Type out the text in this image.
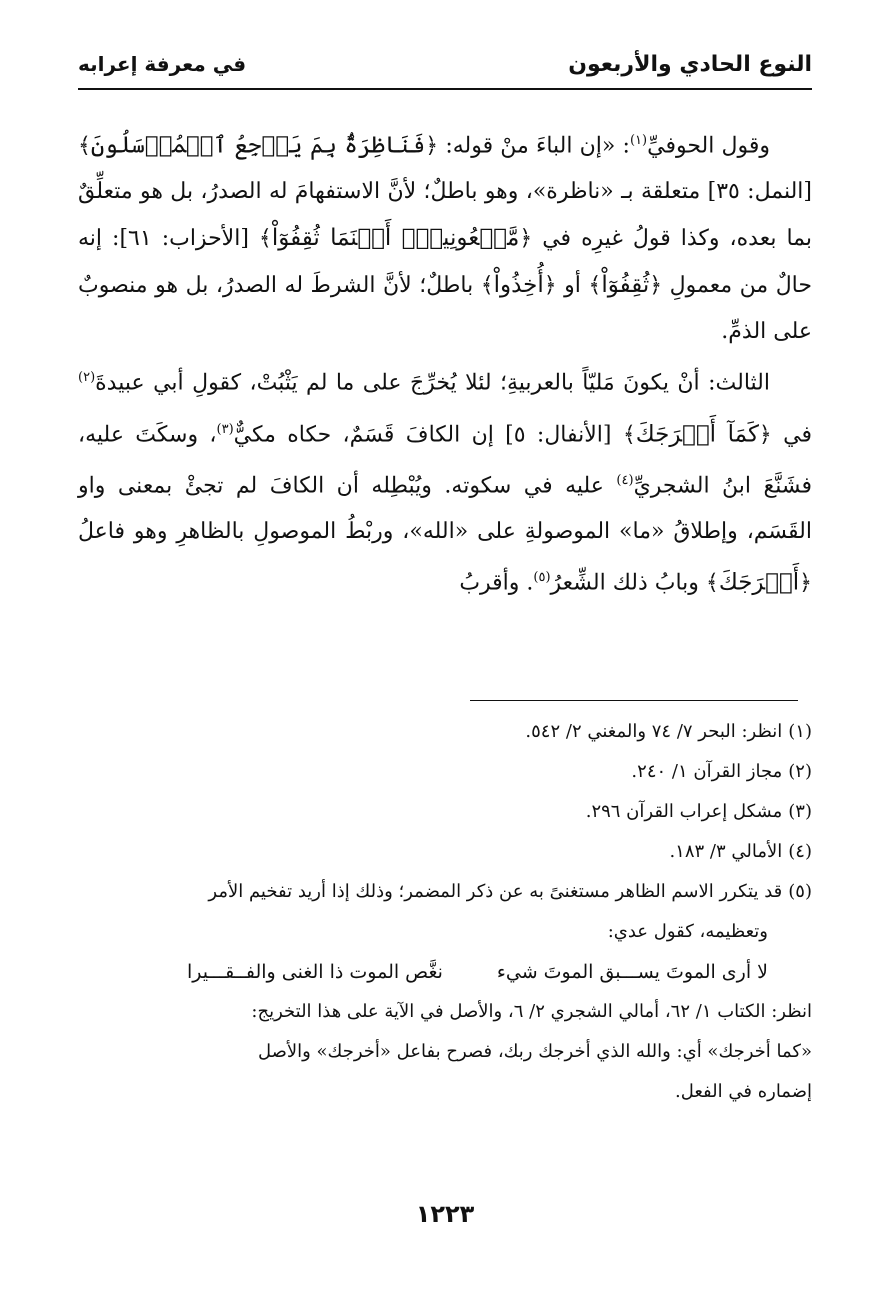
النوع الحادي والأربعون
في معرفة إعرابه

وقول الحوفيِّ$^{(١)}$: «إن الباءَ منْ قوله: ﴿فَنَاظِرَةٌۢ بِمَ يَرۡجِعُ ٱلۡمُرۡسَلُونَ﴾ [النمل: ٣٥] متعلقة بـ «ناظرة»، وهو باطلٌ؛ لأنَّ الاستفهامَ له الصدرُ، بل هو متعلِّقٌ بما بعده، وكذا قولُ غيرِه في ﴿مَّلۡعُونِينَۖ أَيۡنَمَا ثُقِفُوٓاْ﴾ [الأحزاب: ٦١]: إنه حالٌ من معمولِ ﴿ثُقِفُوٓاْ﴾ أو ﴿أُخِذُواْ﴾ باطلٌ؛ لأنَّ الشرطَ له الصدرُ، بل هو منصوبٌ على الذمِّ.

الثالث: أنْ يكونَ مَليّاً بالعربيةِ؛ لئلا يُخرِّجَ على ما لم يَثْبُتْ، كقولِ أبي عبيدةَ$^{(٢)}$ في ﴿كَمَآ أَخۡرَجَكَ﴾ [الأنفال: ٥] إن الكافَ قَسَمٌ، حكاه مكيٌّ$^{(٣)}$، وسكَتَ عليه، فشَنَّعَ ابنُ الشجريِّ$^{(٤)}$ عليه في سكوته. ويُبْطِله أن الكافَ لم تجئْ بمعنى واو القَسَم، وإطلاقُ «ما» الموصولةِ على «الله»، وربْطُ الموصولِ بالظاهرِ وهو فاعلُ ﴿أَخۡرَجَكَ﴾ وبابُ ذلك الشِّعرُ$^{(٥)}$. وأقربُ

(١)انظر: البحر ٧/ ٧٤ والمغني ٢/ ٥٤٢.

(٢)مجاز القرآن ١/ ٢٤٠.

(٣)مشكل إعراب القرآن ٢٩٦.

(٤)الأمالي ٣/ ١٨٣.

(٥)قد يتكرر الاسم الظاهر مستغنىً به عن ذكر المضمر؛ وذلك إذا أريد تفخيم الأمر

وتعظيمه، كقول عدي:

لا أرى الموتَ يســـبق الموتَ شيء
نغَّص الموت ذا الغنى والفــقـــيرا

انظر: الكتاب ١/ ٦٢، أمالي الشجري ٢/ ٦، والأصل في الآية على هذا التخريج:

«كما أخرجك» أي: والله الذي أخرجك ربك، فصرح بفاعل «أخرجك» والأصل

إضماره في الفعل.

١٢٢٣
